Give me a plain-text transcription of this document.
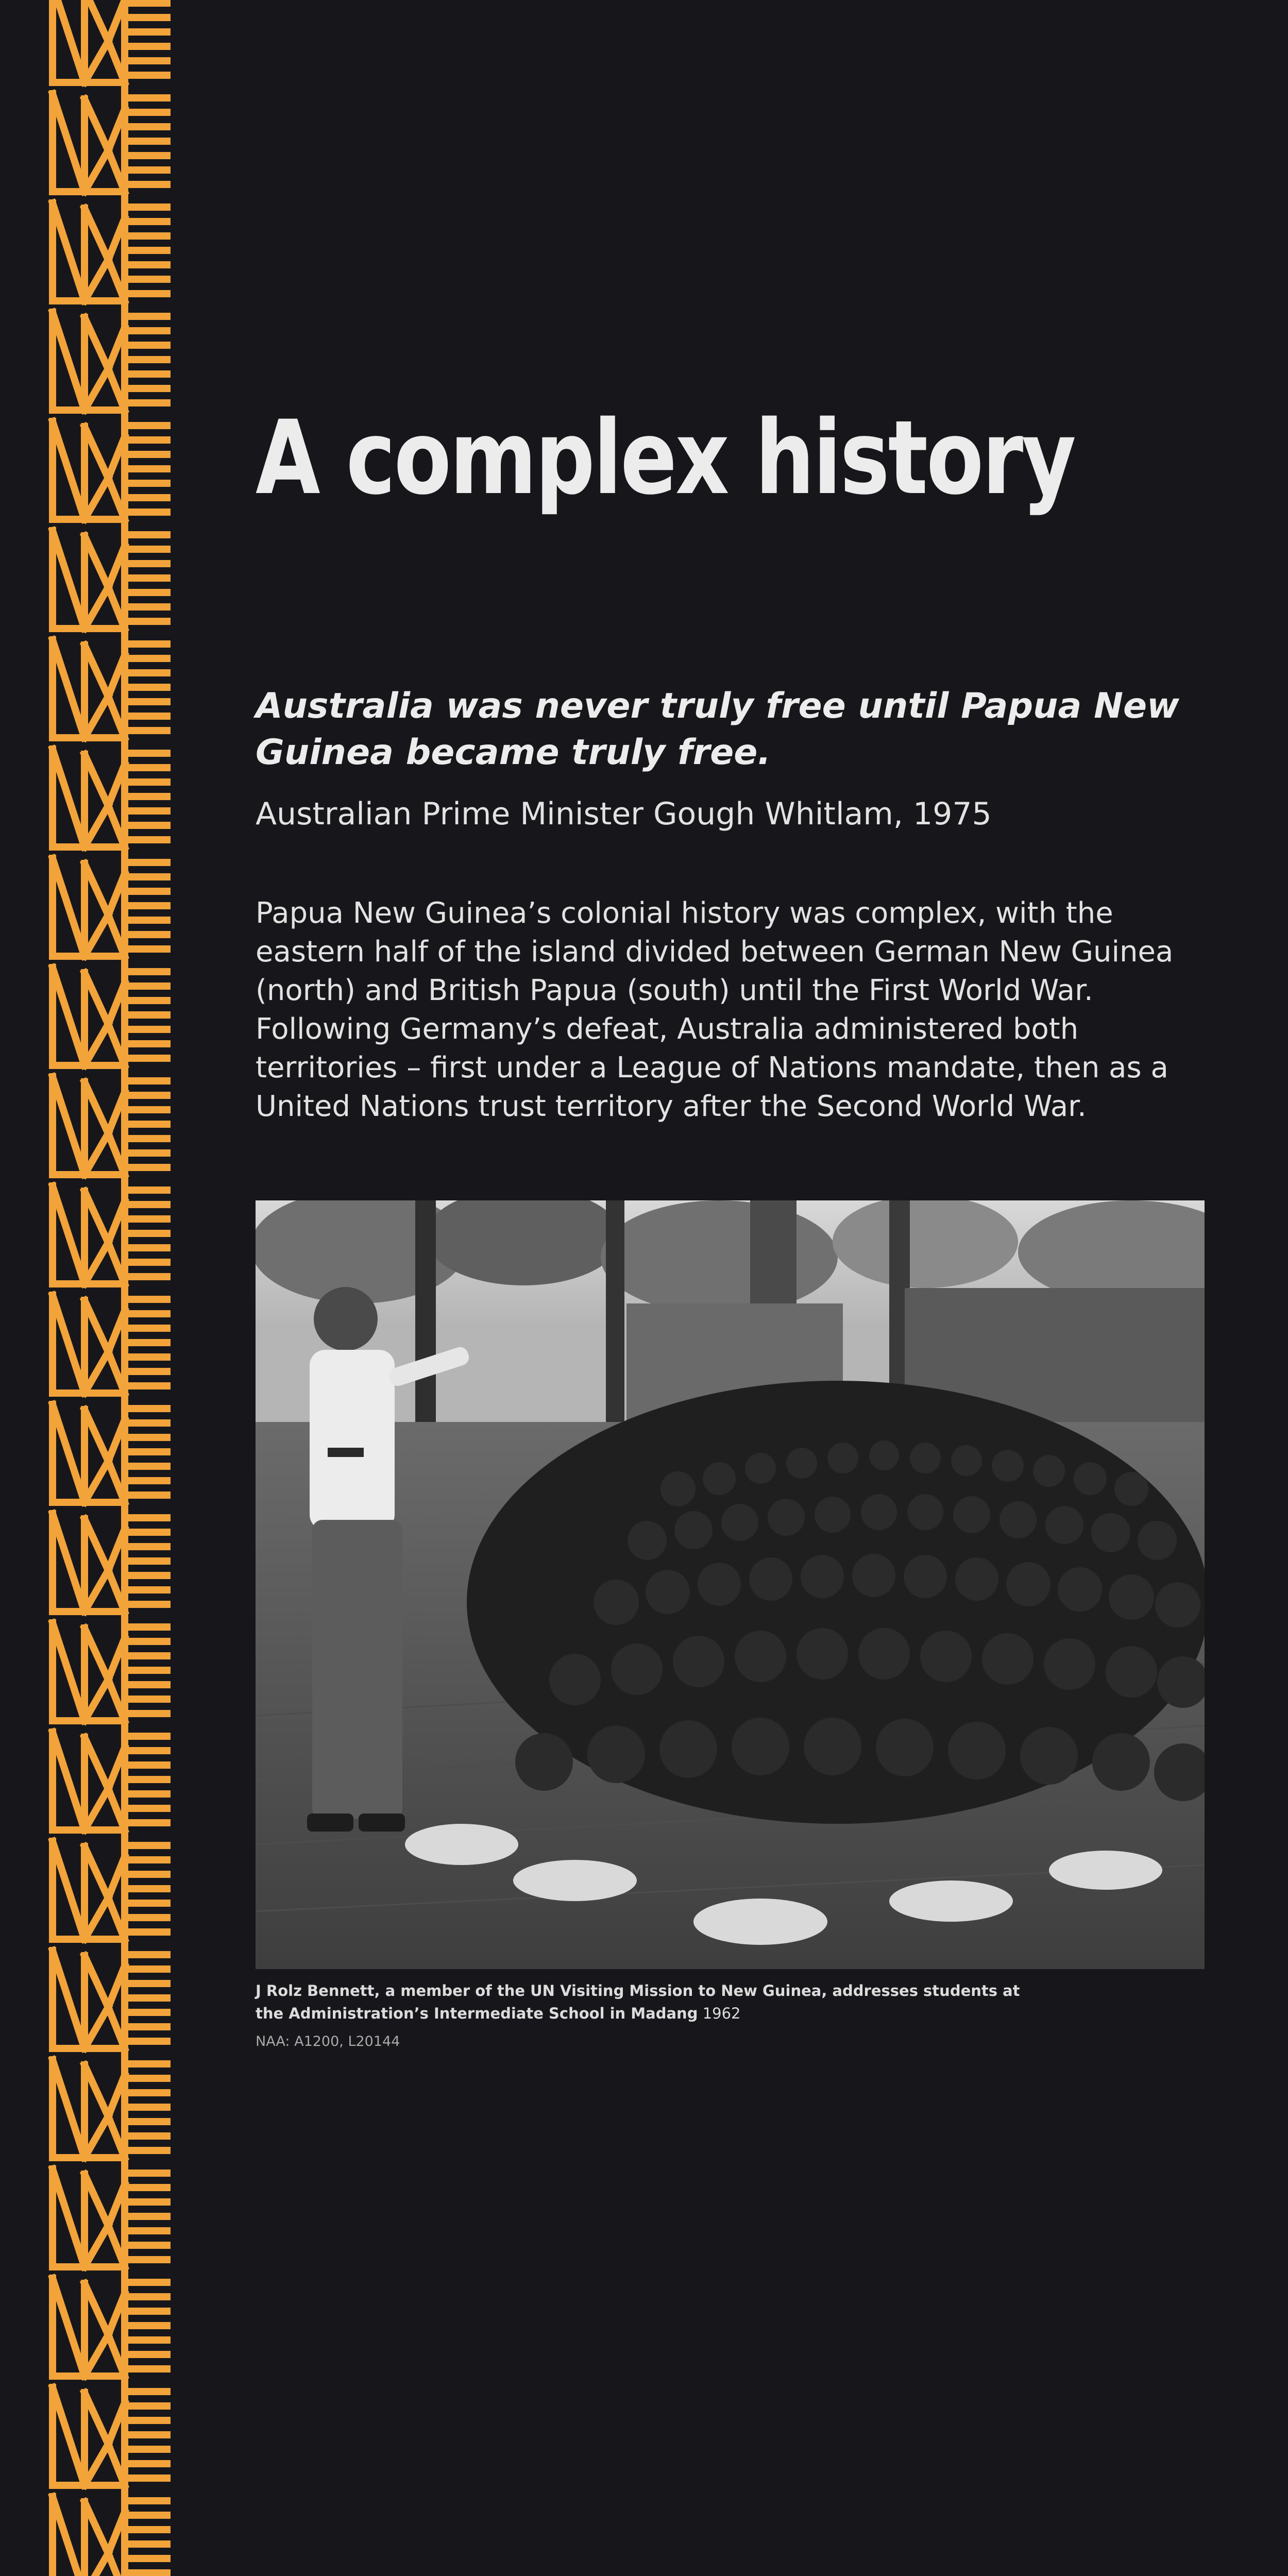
A complex history

Australia was never truly free until Papua New Guinea became truly free.

Australian Prime Minister Gough Whitlam, 1975

Papua New Guinea’s colonial history was complex, with the eastern half of the island divided between German New Guinea (north) and British Papua (south) until the First World War. Following Germany’s defeat, Australia administered both territories – first under a League of Nations mandate, then as a United Nations trust territory after the Second World War.

J Rolz Bennett, a member of the UN Visiting Mission to New Guinea, addresses students at the Administration’s Intermediate School in Madang 1962

NAA: A1200, L20144
